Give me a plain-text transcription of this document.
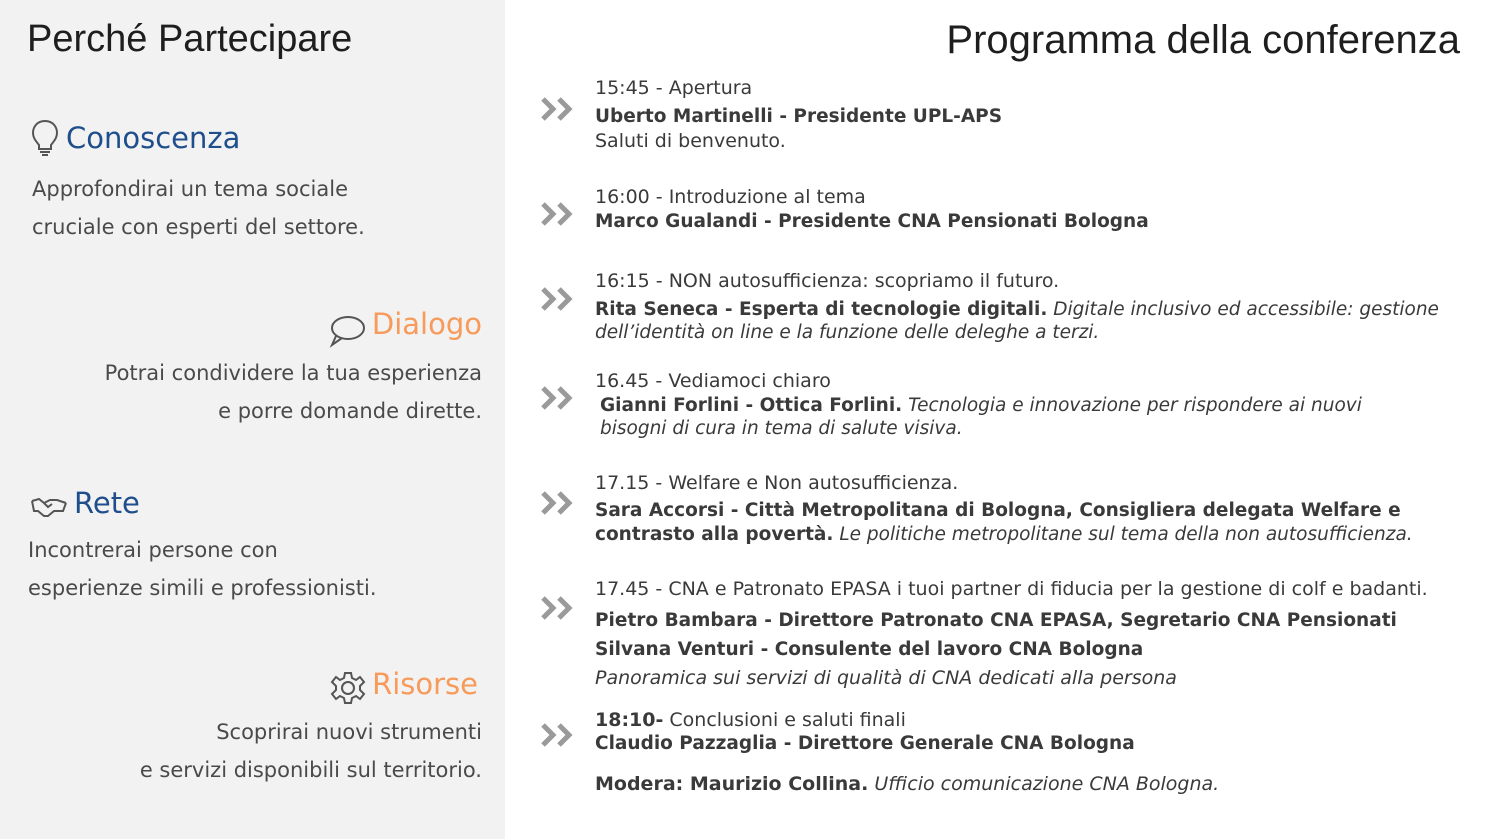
Perché Partecipare
Conoscenza
Approfondirai un tema sociale
cruciale con esperti del settore.
Dialogo
Potrai condividere la tua esperienza
e porre domande dirette.
Rete
Incontrerai persone con
esperienze simili e professionisti.
Risorse
Scoprirai nuovi strumenti
e servizi disponibili sul territorio.
Programma della conferenza
15:45 - Apertura
Uberto Martinelli - Presidente UPL-APS
Saluti di benvenuto.
16:00 - Introduzione al tema
Marco Gualandi - Presidente CNA Pensionati Bologna
16:15 - NON autosufficienza: scopriamo il futuro.
Rita Seneca - Esperta di tecnologie digitali. Digitale inclusivo ed accessibile: gestione dell’identità on line e la funzione delle deleghe a terzi.
16.45 - Vediamoci chiaro
Gianni Forlini - Ottica Forlini. Tecnologia e innovazione per rispondere ai nuovi bisogni di cura in tema di salute visiva.
17.15 - Welfare e Non autosufficienza.
Sara Accorsi - Città Metropolitana di Bologna, Consigliera delegata Welfare e contrasto alla povertà. Le politiche metropolitane sul tema della non autosufficienza.
17.45 - CNA e Patronato EPASA i tuoi partner di fiducia per la gestione di colf e badanti.
Pietro Bambara - Direttore Patronato CNA EPASA, Segretario CNA Pensionati
Silvana Venturi - Consulente del lavoro CNA Bologna
Panoramica sui servizi di qualità di CNA dedicati alla persona
18:10- Conclusioni e saluti finali
Claudio Pazzaglia - Direttore Generale CNA Bologna
Modera: Maurizio Collina. Ufficio comunicazione CNA Bologna.
